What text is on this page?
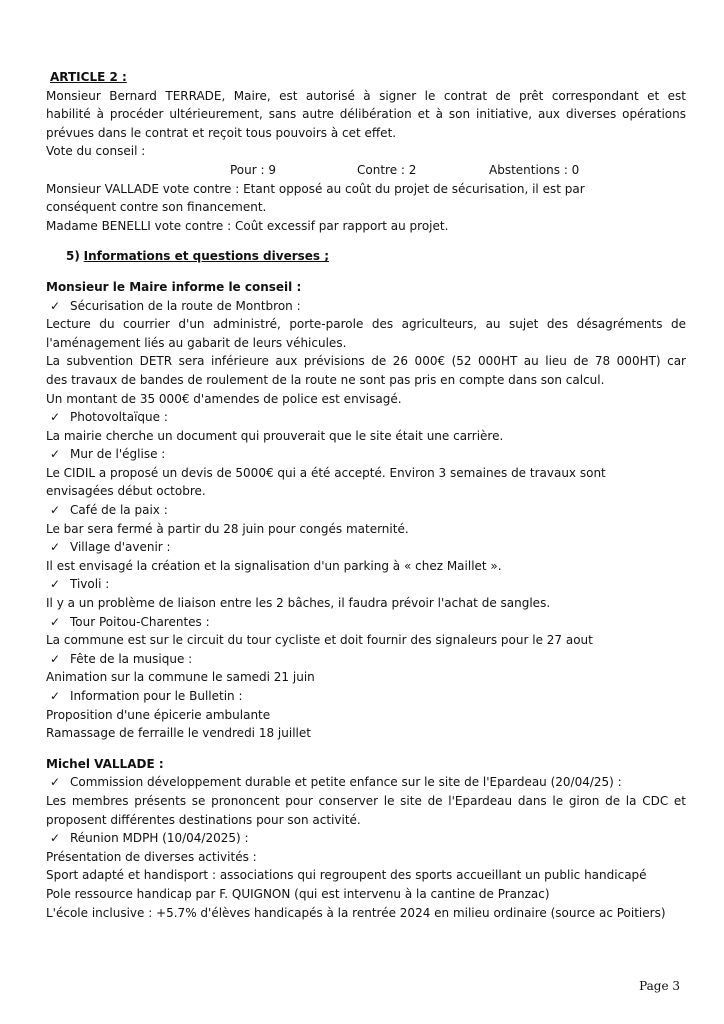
ARTICLE 2 :
Monsieur Bernard TERRADE, Maire, est autorisé à signer le contrat de prêt correspondant et est
habilité à procéder ultérieurement, sans autre délibération et à son initiative, aux diverses opérations
prévues dans le contrat et reçoit tous pouvoirs à cet effet.
Vote du conseil :
Pour : 9	Contre : 2	Abstentions : 0
Monsieur VALLADE vote contre : Etant opposé au coût du projet de sécurisation, il est par
conséquent contre son financement.
Madame BENELLI vote contre : Coût excessif par rapport au projet.
5) Informations et questions diverses ;
Monsieur le Maire informe le conseil :
✓ Sécurisation de la route de Montbron :
Lecture du courrier d'un administré, porte-parole des agriculteurs, au sujet des désagréments de
l'aménagement liés au gabarit de leurs véhicules.
La subvention DETR sera inférieure aux prévisions de 26 000€ (52 000HT au lieu de 78 000HT) car
des travaux de bandes de roulement de la route ne sont pas pris en compte dans son calcul.
Un montant de 35 000€ d'amendes de police est envisagé.
✓ Photovoltaïque :
La mairie cherche un document qui prouverait que le site était une carrière.
✓ Mur de l'église :
Le CIDIL a proposé un devis de 5000€ qui a été accepté. Environ 3 semaines de travaux sont
envisagées début octobre.
✓ Café de la paix :
Le bar sera fermé à partir du 28 juin pour congés maternité.
✓ Village d'avenir :
Il est envisagé la création et la signalisation d'un parking à « chez Maillet ».
✓ Tivoli :
Il y a un problème de liaison entre les 2 bâches, il faudra prévoir l'achat de sangles.
✓ Tour Poitou-Charentes :
La commune est sur le circuit du tour cycliste et doit fournir des signaleurs pour le 27 aout
✓ Fête de la musique :
Animation sur la commune le samedi 21 juin
✓ Information pour le Bulletin :
Proposition d'une épicerie ambulante
Ramassage de ferraille le vendredi 18 juillet
Michel VALLADE :
✓ Commission développement durable et petite enfance sur le site de l'Epardeau (20/04/25) :
Les membres présents se prononcent pour conserver le site de l'Epardeau dans le giron de la CDC et
proposent différentes destinations pour son activité.
✓ Réunion MDPH (10/04/2025) :
Présentation de diverses activités :
Sport adapté et handisport : associations qui regroupent des sports accueillant un public handicapé
Pole ressource handicap par F. QUIGNON (qui est intervenu à la cantine de Pranzac)
L'école inclusive : +5.7% d'élèves handicapés à la rentrée 2024 en milieu ordinaire (source ac Poitiers)
Page 3
